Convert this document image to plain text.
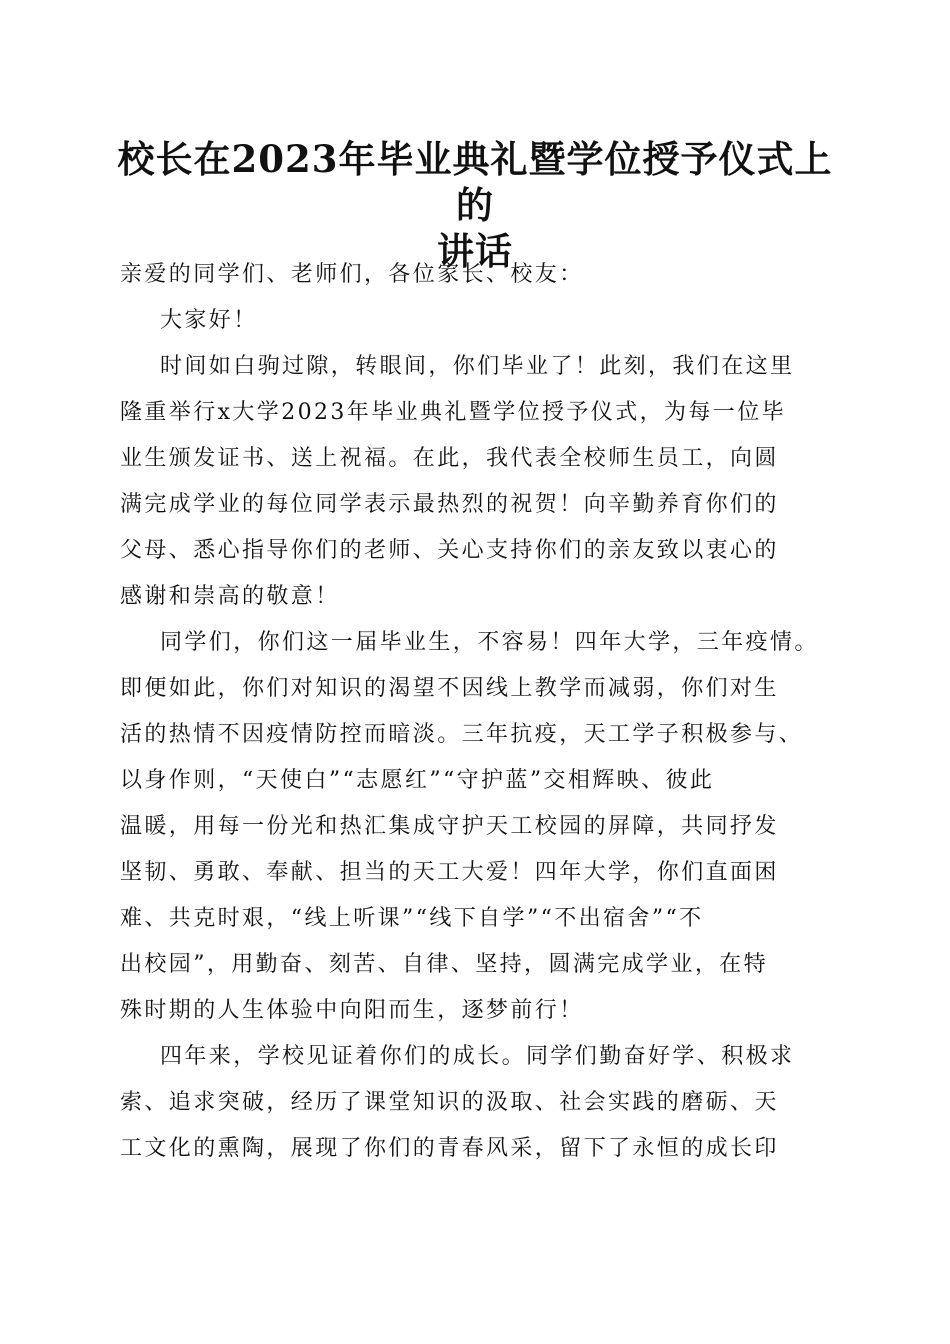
校长在2023年毕业典礼暨学位授予仪式上的
讲话
亲爱的同学们、老师们，各位家长、校友：
大家好！
时间如白驹过隙，转眼间，你们毕业了！此刻，我们在这里
隆重举行x大学2023年毕业典礼暨学位授予仪式，为每一位毕
业生颁发证书、送上祝福。在此，我代表全校师生员工，向圆
满完成学业的每位同学表示最热烈的祝贺！向辛勤养育你们的
父母、悉心指导你们的老师、关心支持你们的亲友致以衷心的
感谢和崇高的敬意！
同学们，你们这一届毕业生，不容易！四年大学，三年疫情。
即便如此，你们对知识的渴望不因线上教学而减弱，你们对生
活的热情不因疫情防控而暗淡。三年抗疫，天工学子积极参与、
以身作则，“天使白”“志愿红”“守护蓝”交相辉映、彼此
温暖，用每一份光和热汇集成守护天工校园的屏障，共同抒发
坚韧、勇敢、奉献、担当的天工大爱！四年大学，你们直面困
难、共克时艰，“线上听课”“线下自学”“不出宿舍”“不
出校园”，用勤奋、刻苦、自律、坚持，圆满完成学业，在特
殊时期的人生体验中向阳而生，逐梦前行！
四年来，学校见证着你们的成长。同学们勤奋好学、积极求
索、追求突破，经历了课堂知识的汲取、社会实践的磨砺、天
工文化的熏陶，展现了你们的青春风采，留下了永恒的成长印
